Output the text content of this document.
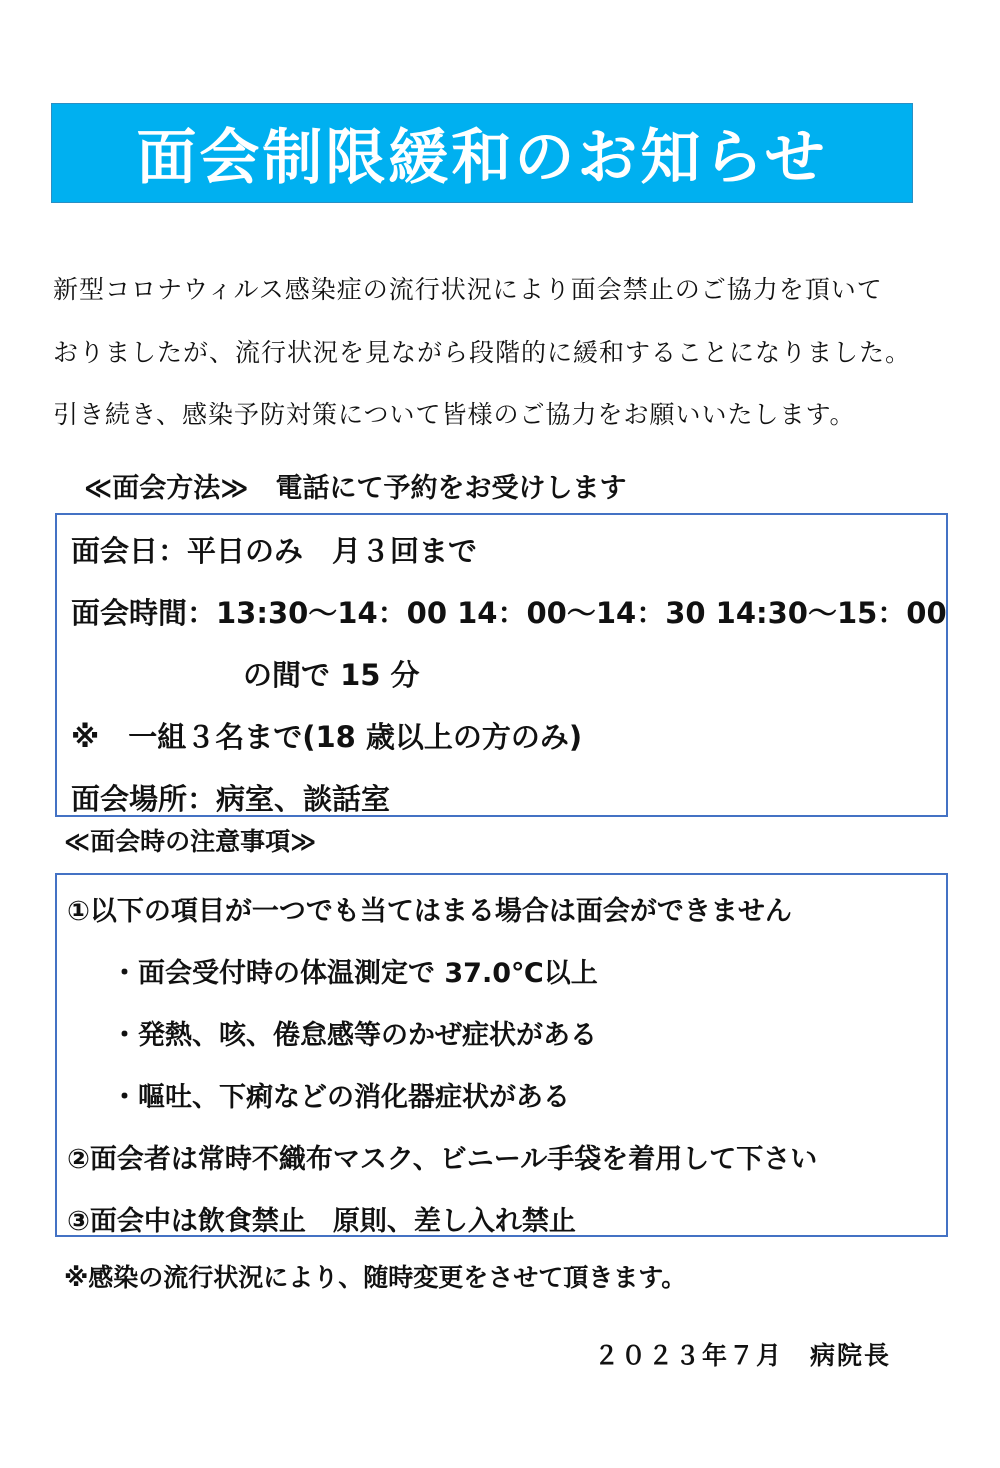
面会制限緩和のお知らせ
新型コロナウィルス感染症の流行状況により面会禁止のご協力を頂いて
おりましたが、流行状況を見ながら段階的に緩和することになりました。
引き続き、感染予防対策について皆様のご協力をお願いいたします。
≪面会方法≫　電話にて予約をお受けします
面会日：平日のみ　月３回まで
面会時間：13:30～14：00 14：00～14：30 14:30～15：00
の間で 15 分
※　一組３名まで(18 歳以上の方のみ)
面会場所：病室、談話室
≪面会時の注意事項≫
①以下の項目が一つでも当てはまる場合は面会ができません
・面会受付時の体温測定で 37.0℃以上
・発熱、咳、倦怠感等のかぜ症状がある
・嘔吐、下痢などの消化器症状がある
②面会者は常時不織布マスク、ビニール手袋を着用して下さい
③面会中は飲食禁止　原則、差し入れ禁止
※感染の流行状況により、随時変更をさせて頂きます。
２０２３年７月　病院長
